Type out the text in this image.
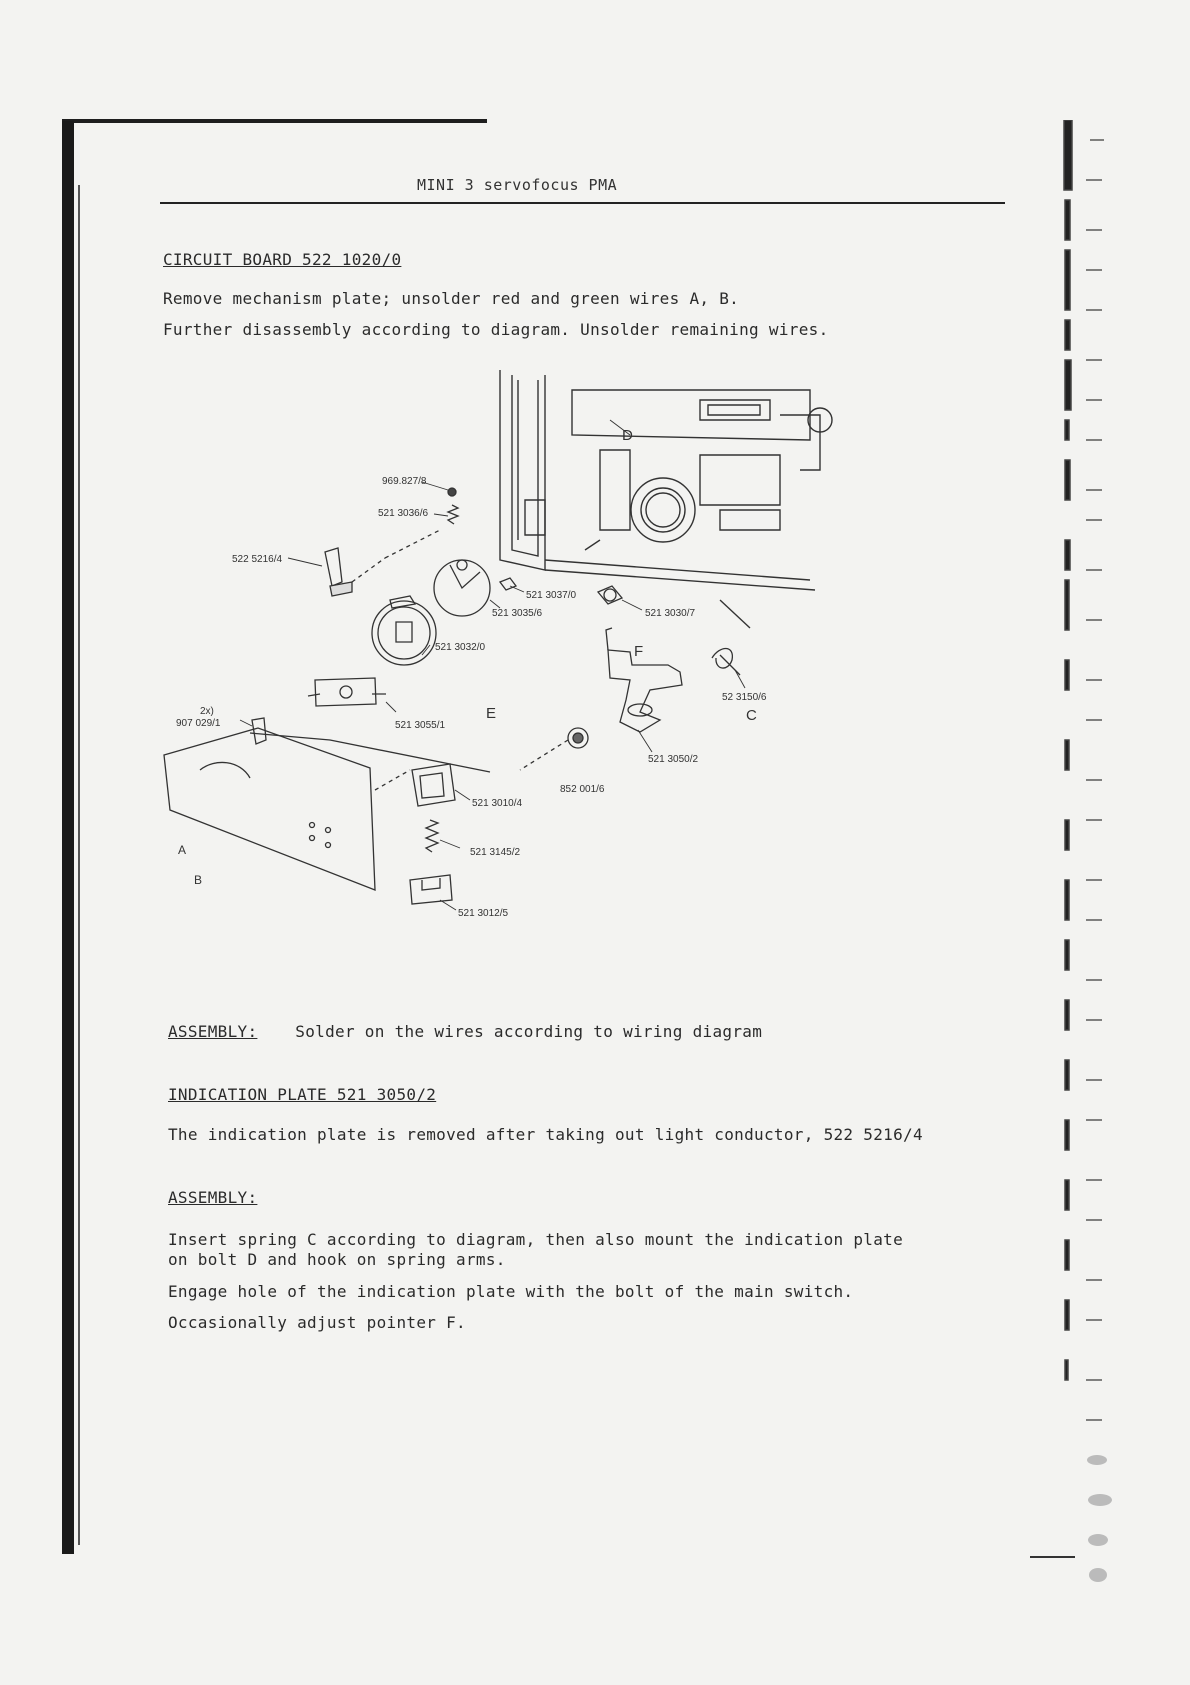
MINI 3 servofocus PMA
CIRCUIT BOARD 522 1020/0
Remove mechanism plate; unsolder red and green wires A, B.
Further disassembly according to diagram. Unsolder remaining wires.
969.827/8
521 3036/6
522 5216/4
521 3037/0
521 3030/7
521 3035/6
521 3032/0
521 3055/1
2x)
907 029/1
52 3150/6
521 3050/2
852 001/6
521 3010/4
521 3145/2
521 3012/5
A
B
C
D
E
F
ASSEMBLY: Solder on the wires according to wiring diagram
INDICATION PLATE 521 3050/2
The indication plate is removed after taking out light conductor, 522 5216/4
ASSEMBLY:
Insert spring C according to diagram, then also mount the indication plate
on bolt D and hook on spring arms.
Engage hole of the indication plate with the bolt of the main switch.
Occasionally adjust pointer F.
